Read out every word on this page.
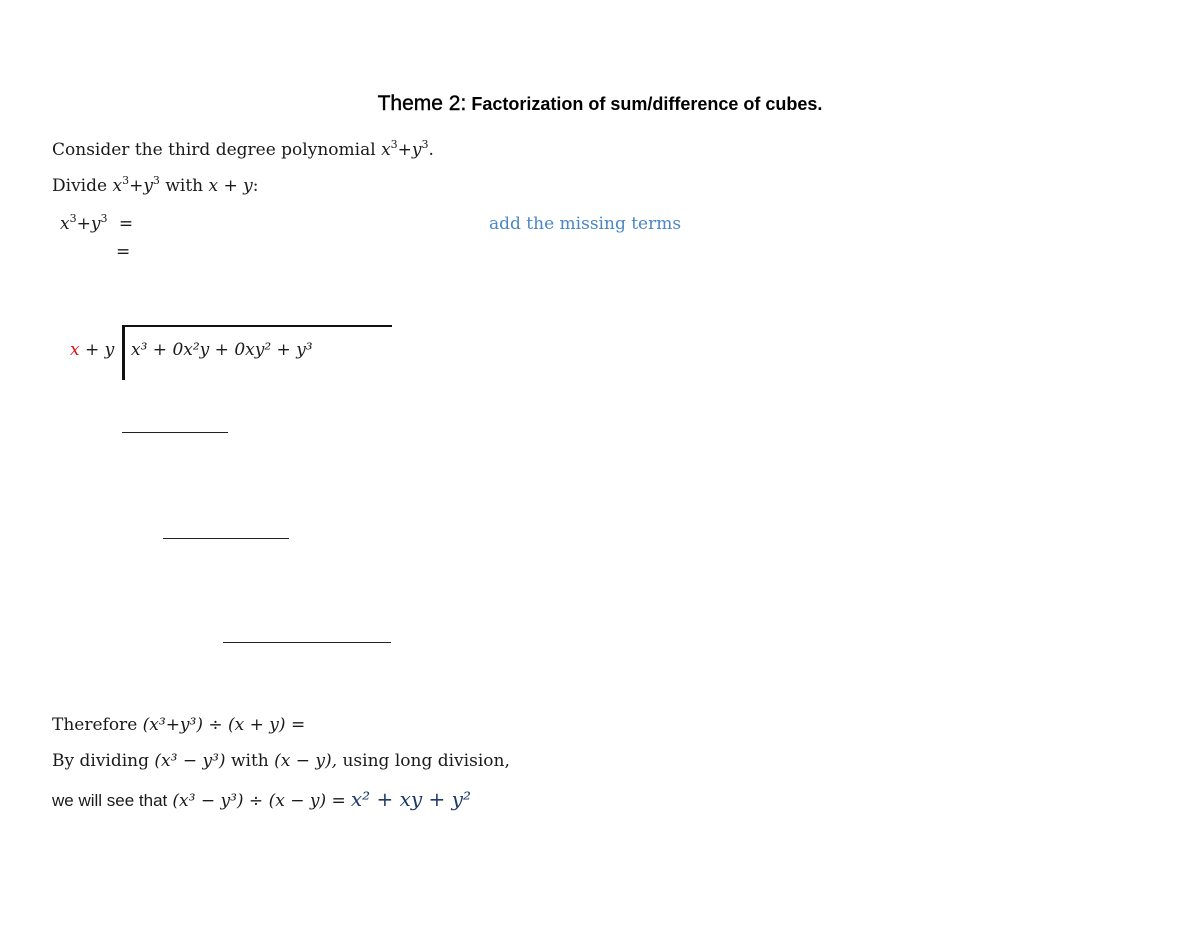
Theme 2: Factorization of sum/difference of cubes.
Consider the third degree polynomial $x^3+y^3$.
Divide $x^3+y^3$ with x + y:
$x^3+y^3$ =	add the missing terms
=
x + y x³ + 0x²y + 0xy² + y³
Therefore (x³+y³) ÷ (x + y) =
By dividing (x³ − y³) with (x − y), using long division,
we will see that (x³ − y³) ÷ (x − y) = x² + xy + y²
